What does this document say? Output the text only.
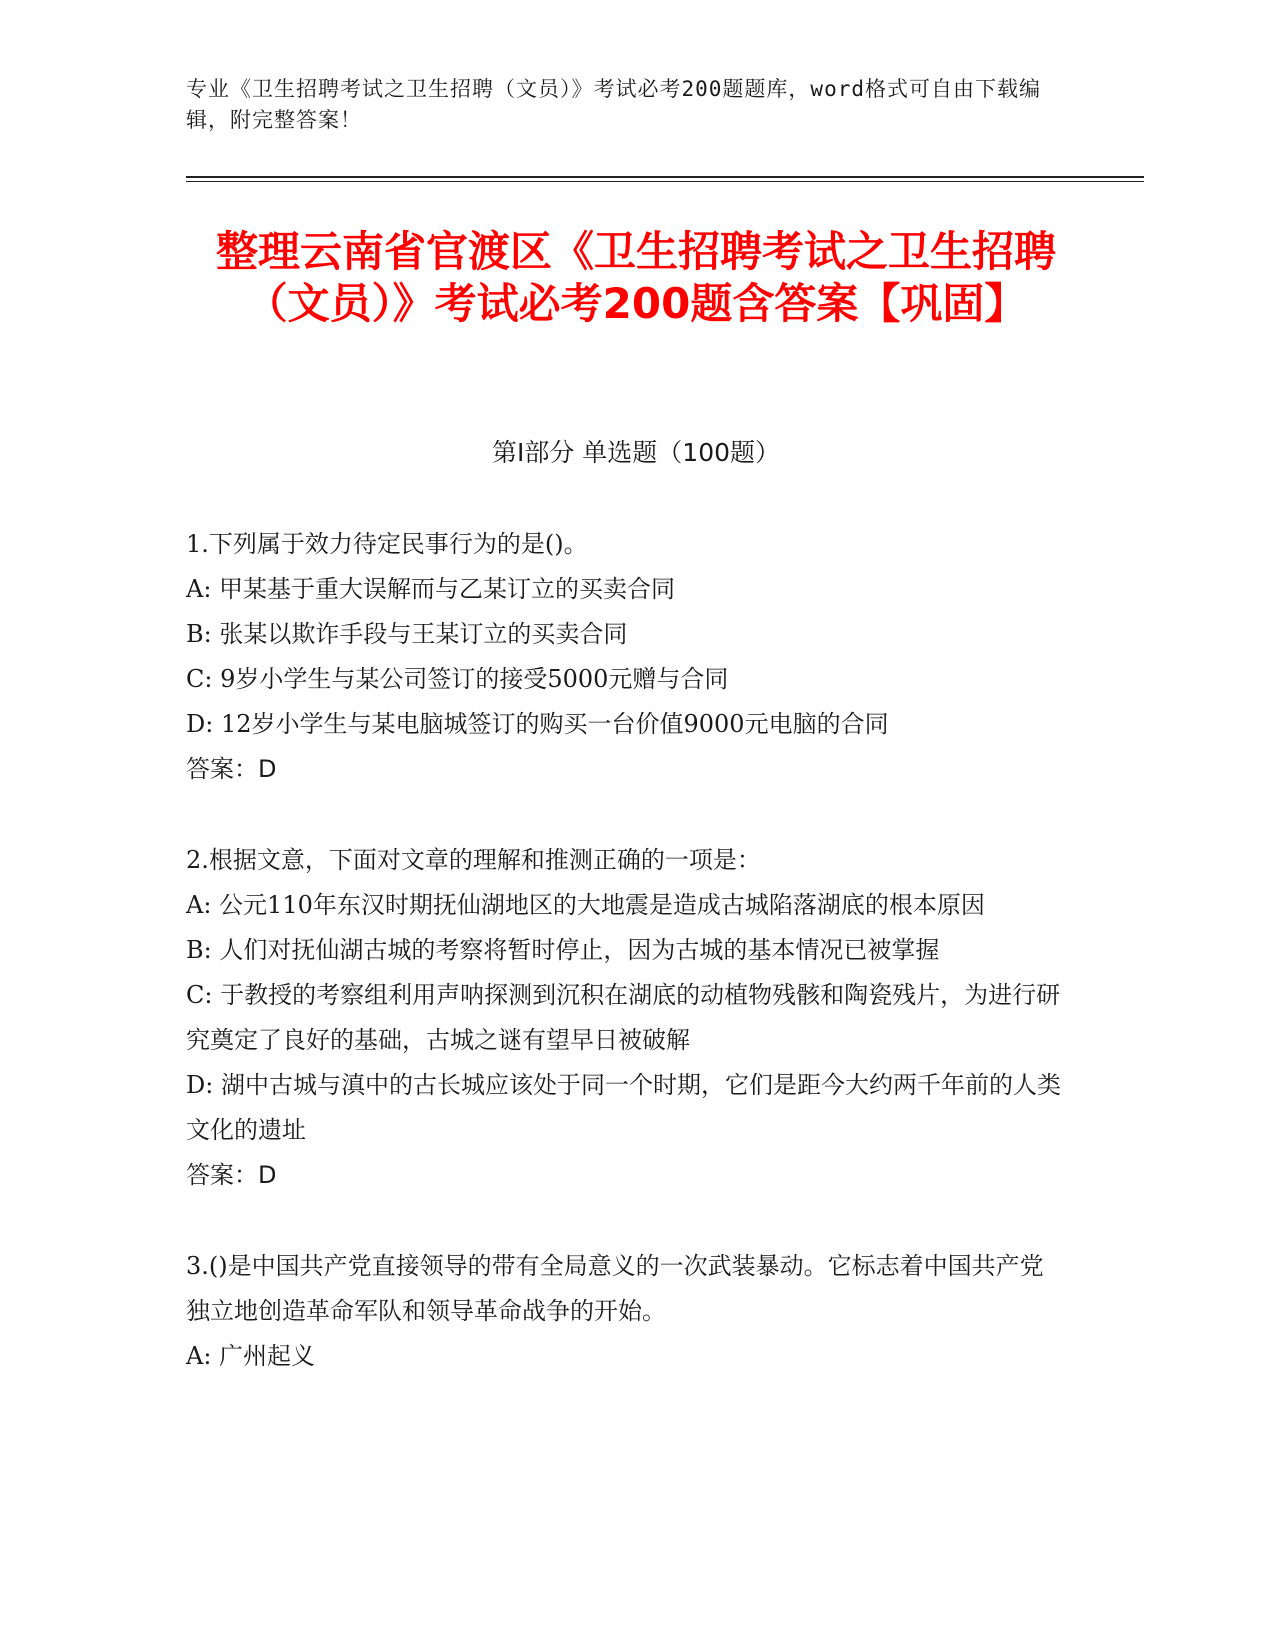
专业《卫生招聘考试之卫生招聘（文员）》考试必考200题题库，word格式可自由下载编辑，附完整答案！
整理云南省官渡区《卫生招聘考试之卫生招聘（文员）》考试必考200题含答案【巩固】
第Ⅰ部分 单选题（100题）

1.下列属于效力待定民事行为的是()。

A: 甲某基于重大误解而与乙某订立的买卖合同

B: 张某以欺诈手段与王某订立的买卖合同

C: 9岁小学生与某公司签订的接受5000元赠与合同

D: 12岁小学生与某电脑城签订的购买一台价值9000元电脑的合同

答案：D

2.根据文意，下面对文章的理解和推测正确的一项是：

A: 公元110年东汉时期抚仙湖地区的大地震是造成古城陷落湖底的根本原因

B: 人们对抚仙湖古城的考察将暂时停止，因为古城的基本情况已被掌握

C: 于教授的考察组利用声呐探测到沉积在湖底的动植物残骸和陶瓷残片，为进行研究奠定了良好的基础，古城之谜有望早日被破解

D: 湖中古城与滇中的古长城应该处于同一个时期，它们是距今大约两千年前的人类文化的遗址

答案：D

3.()是中国共产党直接领导的带有全局意义的一次武装暴动。它标志着中国共产党独立地创造革命军队和领导革命战争的开始。

A: 广州起义
